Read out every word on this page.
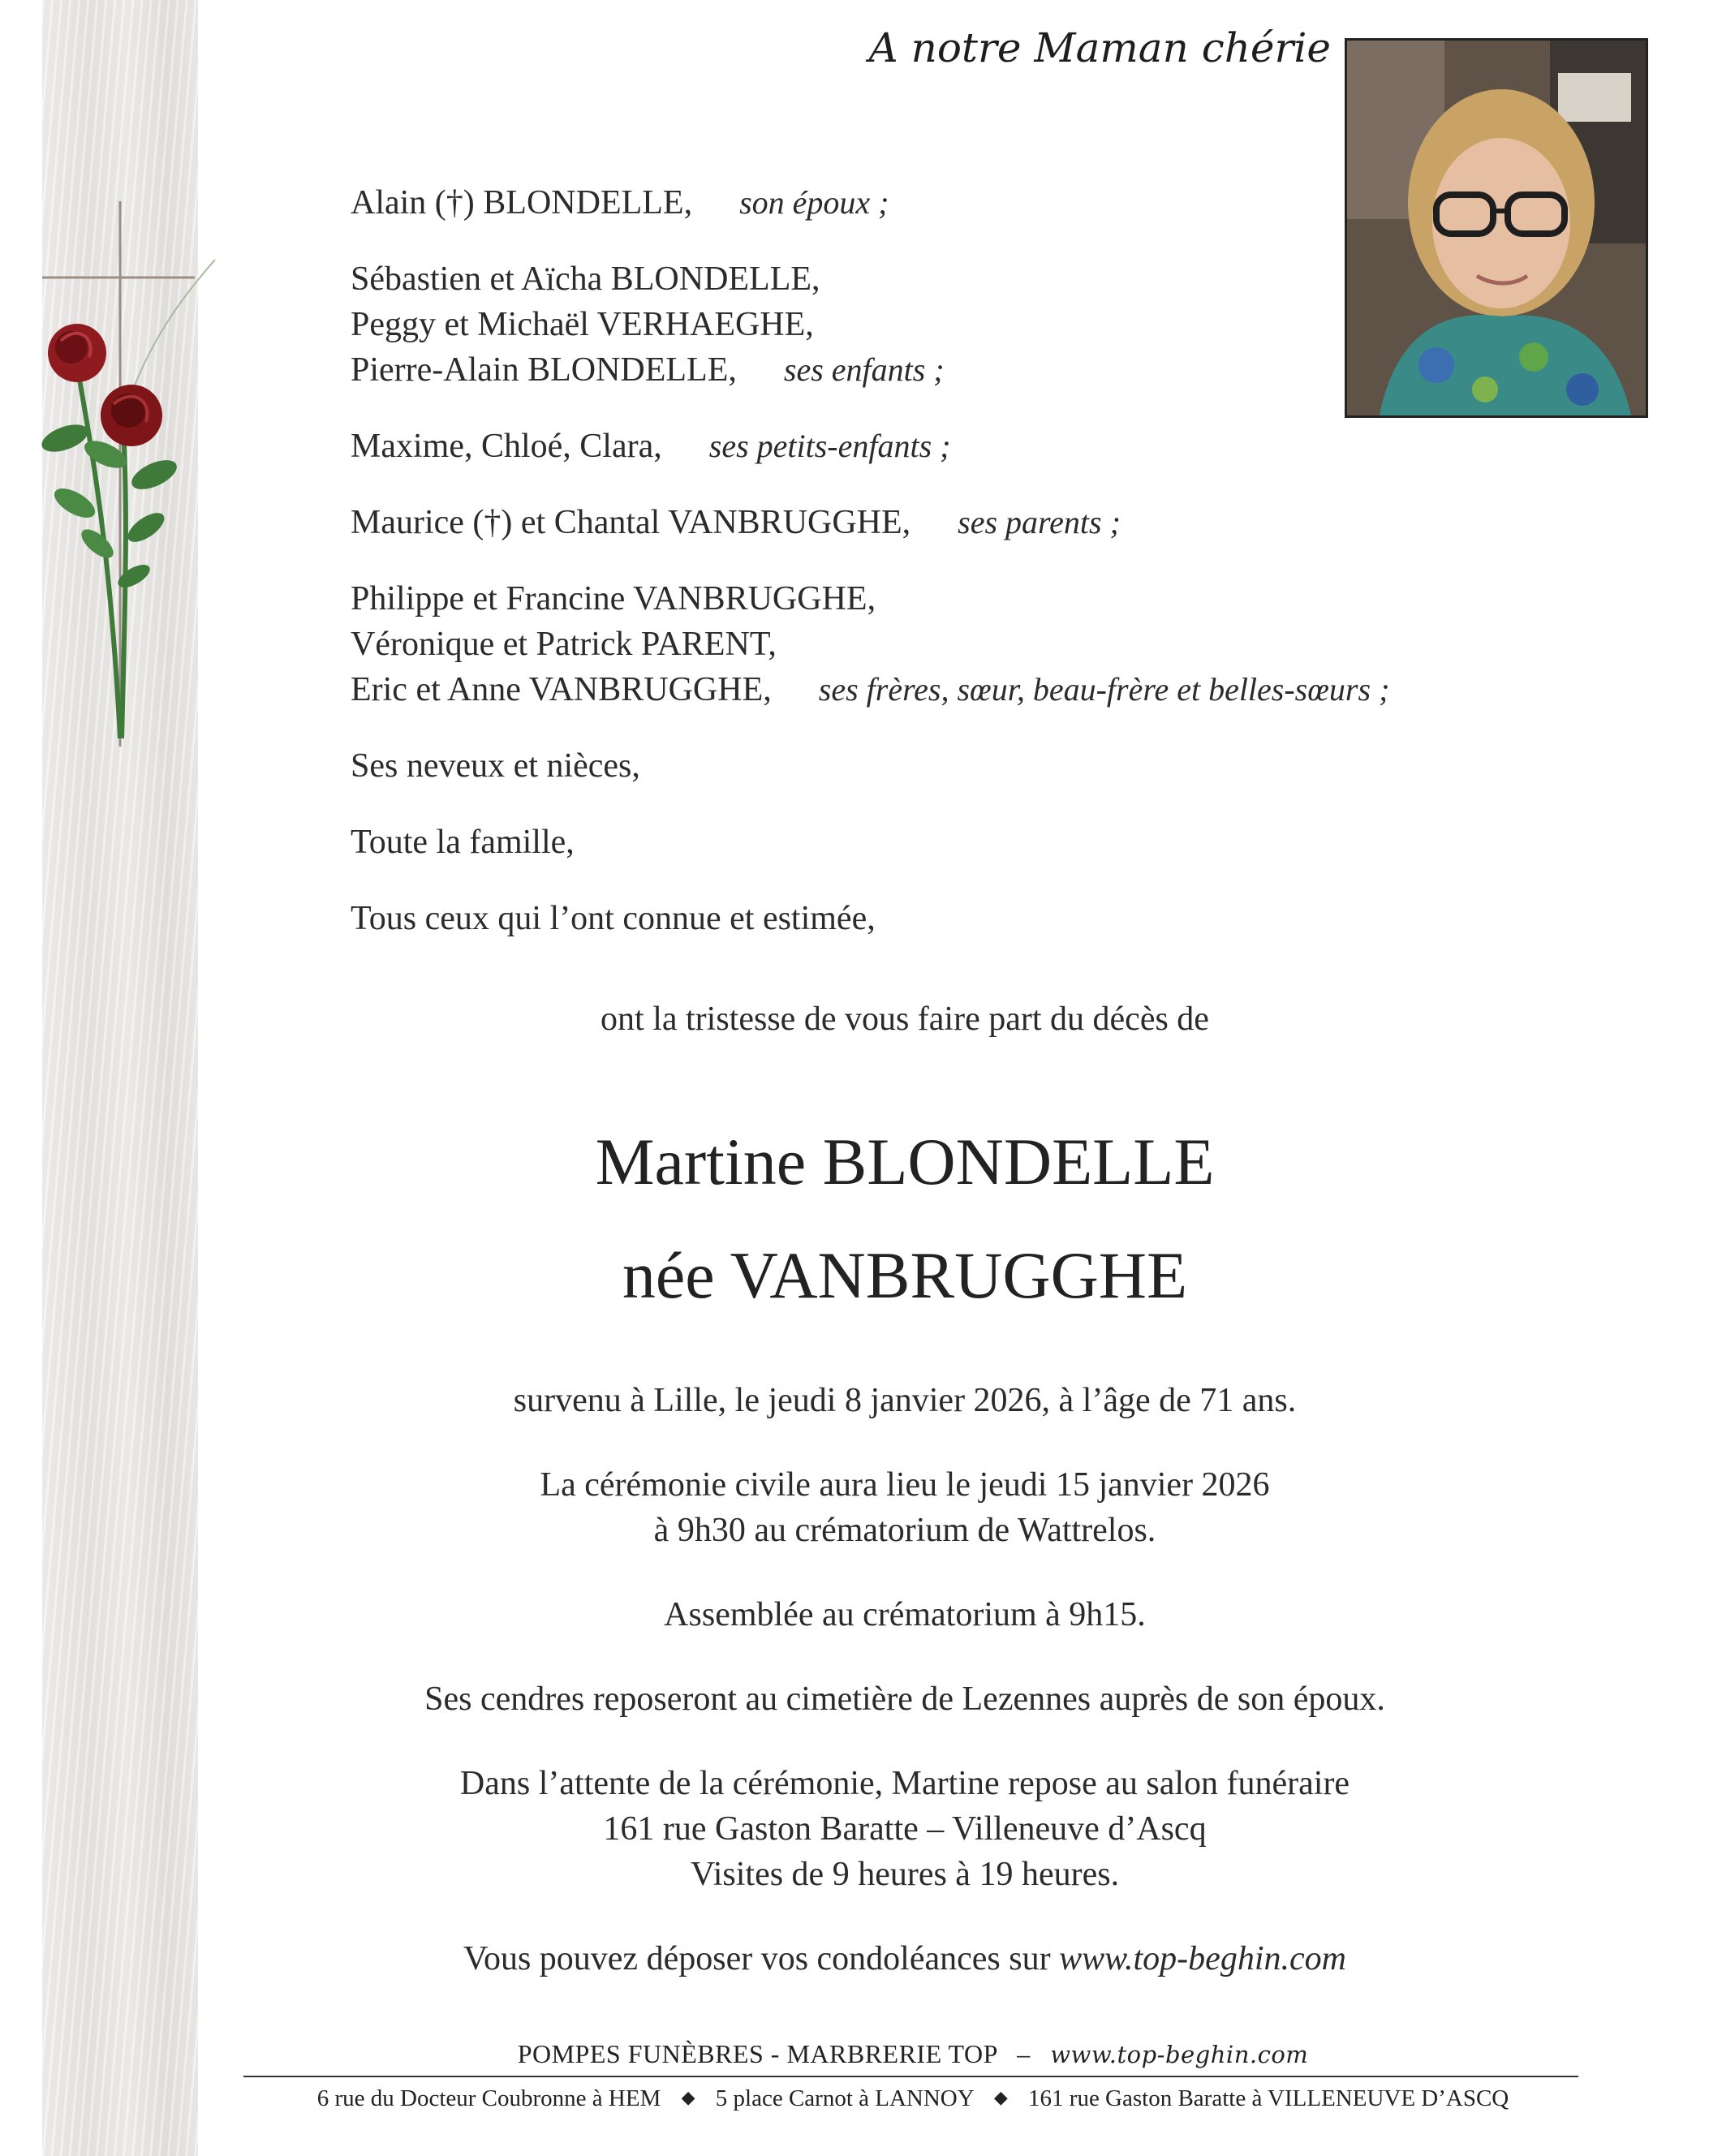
A notre Maman chérie
Alain (†) BLONDELLE, son époux ;
Sébastien et Aïcha BLONDELLE,
Peggy et Michaël VERHAEGHE,
Pierre-Alain BLONDELLE, ses enfants ;
Maxime, Chloé, Clara, ses petits-enfants ;
Maurice (†) et Chantal VANBRUGGHE, ses parents ;
Philippe et Francine VANBRUGGHE,
Véronique et Patrick PARENT,
Eric et Anne VANBRUGGHE, ses frères, sœur, beau-frère et belles-sœurs ;
Ses neveux et nièces,
Toute la famille,
Tous ceux qui l’ont connue et estimée,
ont la tristesse de vous faire part du décès de
Martine BLONDELLE
née VANBRUGGHE
survenu à Lille, le jeudi 8 janvier 2026, à l’âge de 71 ans.
La cérémonie civile aura lieu le jeudi 15 janvier 2026
à 9h30 au crématorium de Wattrelos.
Assemblée au crématorium à 9h15.
Ses cendres reposeront au cimetière de Lezennes auprès de son époux.
Dans l’attente de la cérémonie, Martine repose au salon funéraire
161 rue Gaston Baratte – Villeneuve d’Ascq
Visites de 9 heures à 19 heures.
Vous pouvez déposer vos condoléances sur www.top-beghin.com
POMPES FUNÈBRES - MARBRERIE TOP – www.top-beghin.com
6 rue du Docteur Coubronne à HEM ◆ 5 place Carnot à LANNOY ◆ 161 rue Gaston Baratte à VILLENEUVE D’ASCQ
